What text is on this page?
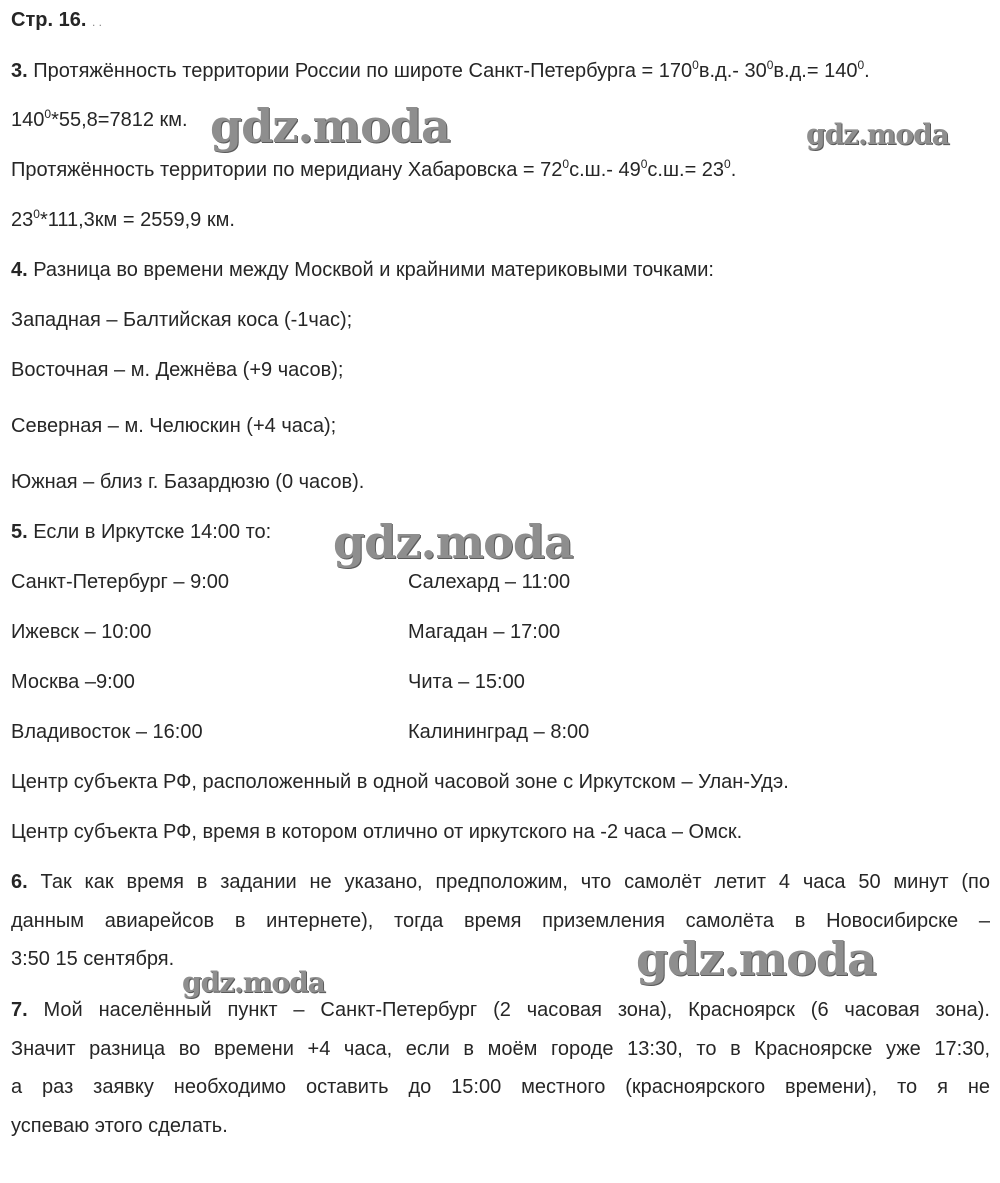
Стр. 16. . .
3. Протяжённость территории России по широте Санкт-Петербурга = $170^0в.д.-$ $30^0в.д.= 140^0$.
$140^0*55,8=7812$ км.
Протяжённость территории по меридиану Хабаровска = $72^0с.ш.-$ $49^0с.ш.= 23^0$.
$23^0*111,3км = 2559,9$ км.
4. Разница во времени между Москвой и крайними материковыми точками:
Западная – Балтийская коса (-1час);
Восточная – м. Дежнёва (+9 часов);
Северная – м. Челюскин (+4 часа);
Южная – близ г. Базардюзю (0 часов).
5. Если в Иркутске 14:00 то:
Санкт-Петербург – 9:00	Салехард – 11:00
Ижевск – 10:00	Магадан – 17:00
Москва –9:00	Чита – 15:00
Владивосток – 16:00	Калининград – 8:00
Центр субъекта РФ, расположенный в одной часовой зоне с Иркутском – Улан-Удэ.
Центр субъекта РФ, время в котором отлично от иркутского на -2 часа – Омск.
6. Так как время в задании не указано, предположим, что самолёт летит 4 часа 50 минут (по
данным авиарейсов в интернете), тогда время приземления самолёта в Новосибирске –
3:50 15 сентября.
7. Мой населённый пункт – Санкт-Петербург (2 часовая зона), Красноярск (6 часовая зона).
Значит разница во времени +4 часа, если в моём городе 13:30, то в Красноярске уже 17:30,
а раз заявку необходимо оставить до 15:00 местного (красноярского времени), то я не
успеваю этого сделать.
gdz.moda	gdz.moda
gdz.moda
gdz.moda
gdz.moda
